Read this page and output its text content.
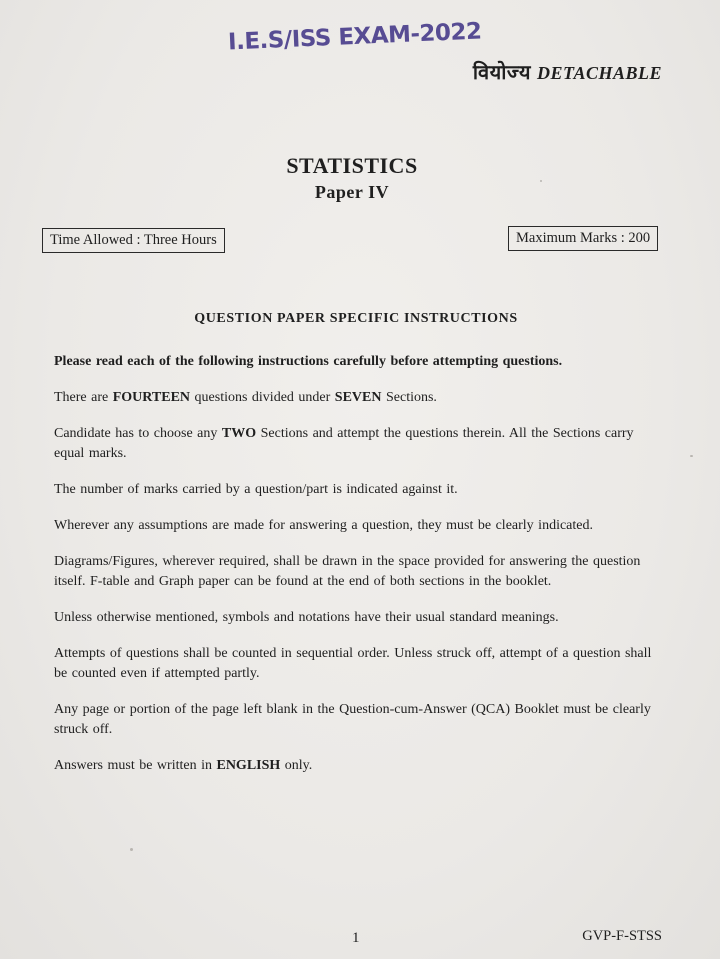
I.E.S/ISS EXAM-2022
वियोज्य DETACHABLE
STATISTICS
Paper IV
Time Allowed : Three Hours	Maximum Marks : 200
QUESTION PAPER SPECIFIC INSTRUCTIONS

Please read each of the following instructions carefully before attempting questions.

There are FOURTEEN questions divided under SEVEN Sections.

Candidate has to choose any TWO Sections and attempt the questions therein. All the Sections carry equal marks.

The number of marks carried by a question/part is indicated against it.

Wherever any assumptions are made for answering a question, they must be clearly indicated.

Diagrams/Figures, wherever required, shall be drawn in the space provided for answering the question itself. F-table and Graph paper can be found at the end of both sections in the booklet.

Unless otherwise mentioned, symbols and notations have their usual standard meanings.

Attempts of questions shall be counted in sequential order. Unless struck off, attempt of a question shall be counted even if attempted partly.

Any page or portion of the page left blank in the Question-cum-Answer (QCA) Booklet must be clearly struck off.

Answers must be written in ENGLISH only.

1	GVP-F-STSS
